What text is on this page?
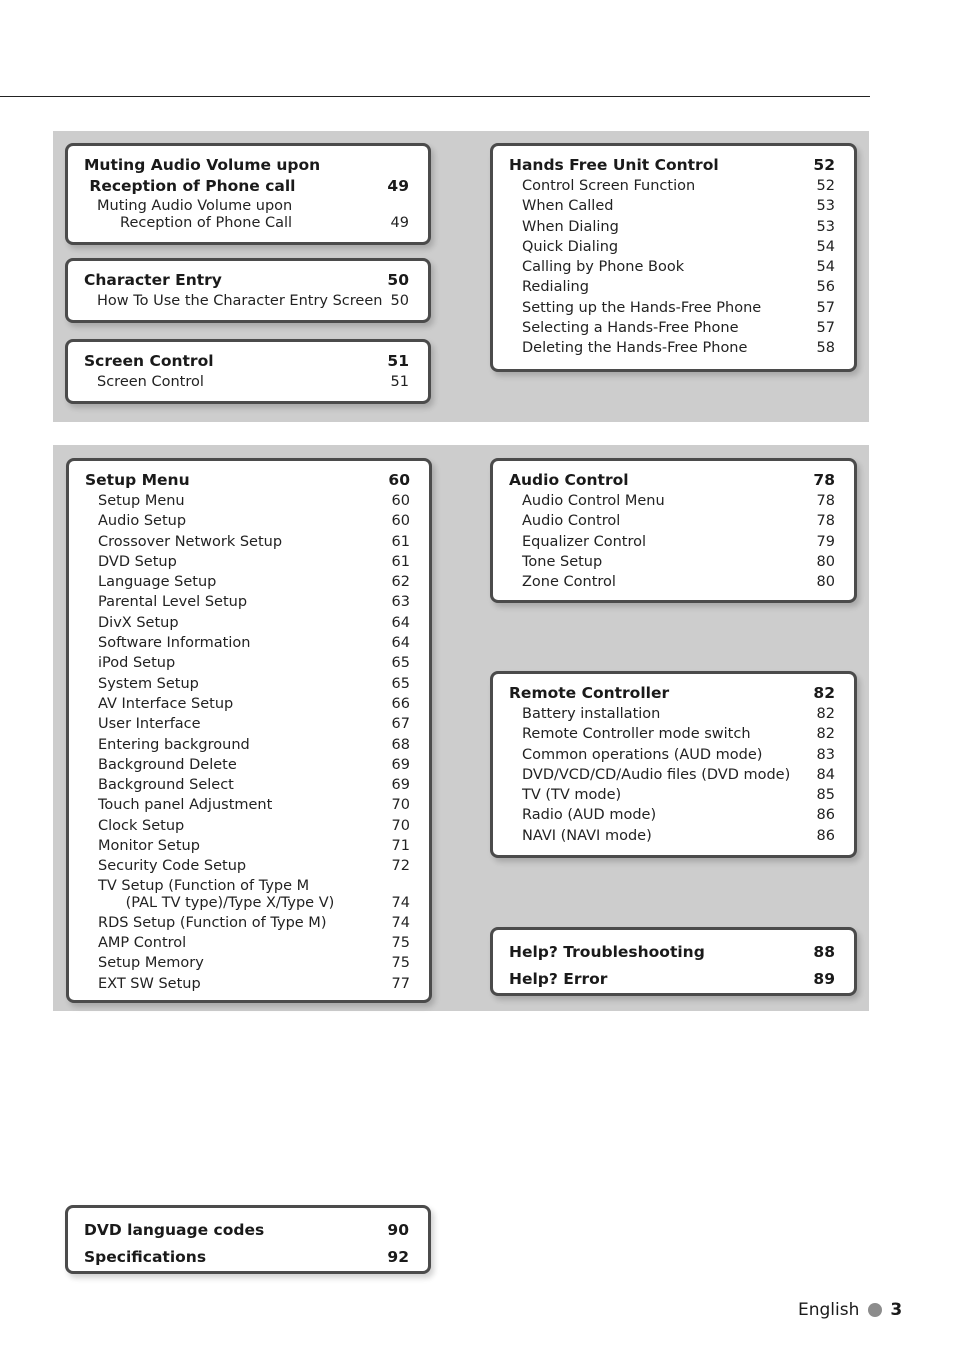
Muting Audio Volume upon
Reception of Phone call	49
Muting Audio Volume upon
Reception of Phone Call	49
Character Entry	50
How To Use the Character Entry Screen 50
Screen Control	51
Screen Control	51
Hands Free Unit Control	52
Control Screen Function	52
When Called	53
When Dialing	53
Quick Dialing	54
Calling by Phone Book	54
Redialing	56
Setting up the Hands-Free Phone	57
Selecting a Hands-Free Phone	57
Deleting the Hands-Free Phone	58
Setup Menu	60
Setup Menu	60
Audio Setup	60
Crossover Network Setup	61
DVD Setup	61
Language Setup	62
Parental Level Setup	63
DivX Setup	64
Software Information	64
iPod Setup	65
System Setup	65
AV Interface Setup	66
User Interface	67
Entering background	68
Background Delete	69
Background Select	69
Touch panel Adjustment	70
Clock Setup	70
Monitor Setup	71
Security Code Setup	72
TV Setup (Function of Type M
(PAL TV type)/Type X/Type V)	74
RDS Setup (Function of Type M)	74
AMP Control	75
Setup Memory	75
EXT SW Setup	77
Audio Control	78
Audio Control Menu	78
Audio Control	78
Equalizer Control	79
Tone Setup	80
Zone Control	80
Remote Controller	82
Battery installation	82
Remote Controller mode switch	82
Common operations (AUD mode)	83
DVD/VCD/CD/Audio files (DVD mode)	84
TV (TV mode)	85
Radio (AUD mode)	86
NAVI (NAVI mode)	86
Help? Troubleshooting	88
Help? Error	89
DVD language codes	90
Specifications	92
English 3
